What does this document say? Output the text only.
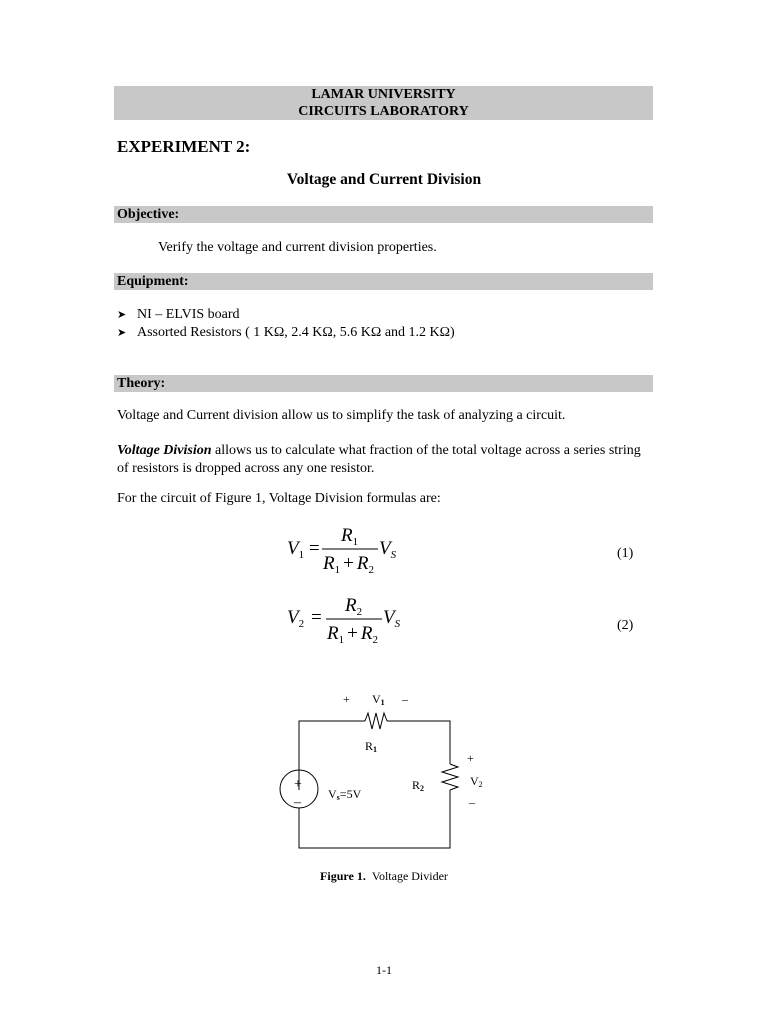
LAMAR UNIVERSITY
CIRCUITS LABORATORY
EXPERIMENT 2:
Voltage and Current Division
Objective:
Verify the voltage and current division properties.
Equipment:
➤ NI – ELVIS board
➤ Assorted Resistors ( 1 KΩ, 2.4 KΩ, 5.6 KΩ and 1.2 KΩ)
Theory:
Voltage and Current division allow us to simplify the task of analyzing a circuit.
Voltage Division allows us to calculate what fraction of the total voltage across a series string
of resistors is dropped across any one resistor.
For the circuit of Figure 1, Voltage Division formulas are:
$V_1$ =
$R_1$
$R_1 + R_2$
$V_S$	(1)
$V_2$ =
$R_2$
$R_1 + R_2$
$V_S$	(2)
+ V1 –
R1
R2
+
V2
–
+
–
Vs=5V
Figure 1. Voltage Divider
1-1
